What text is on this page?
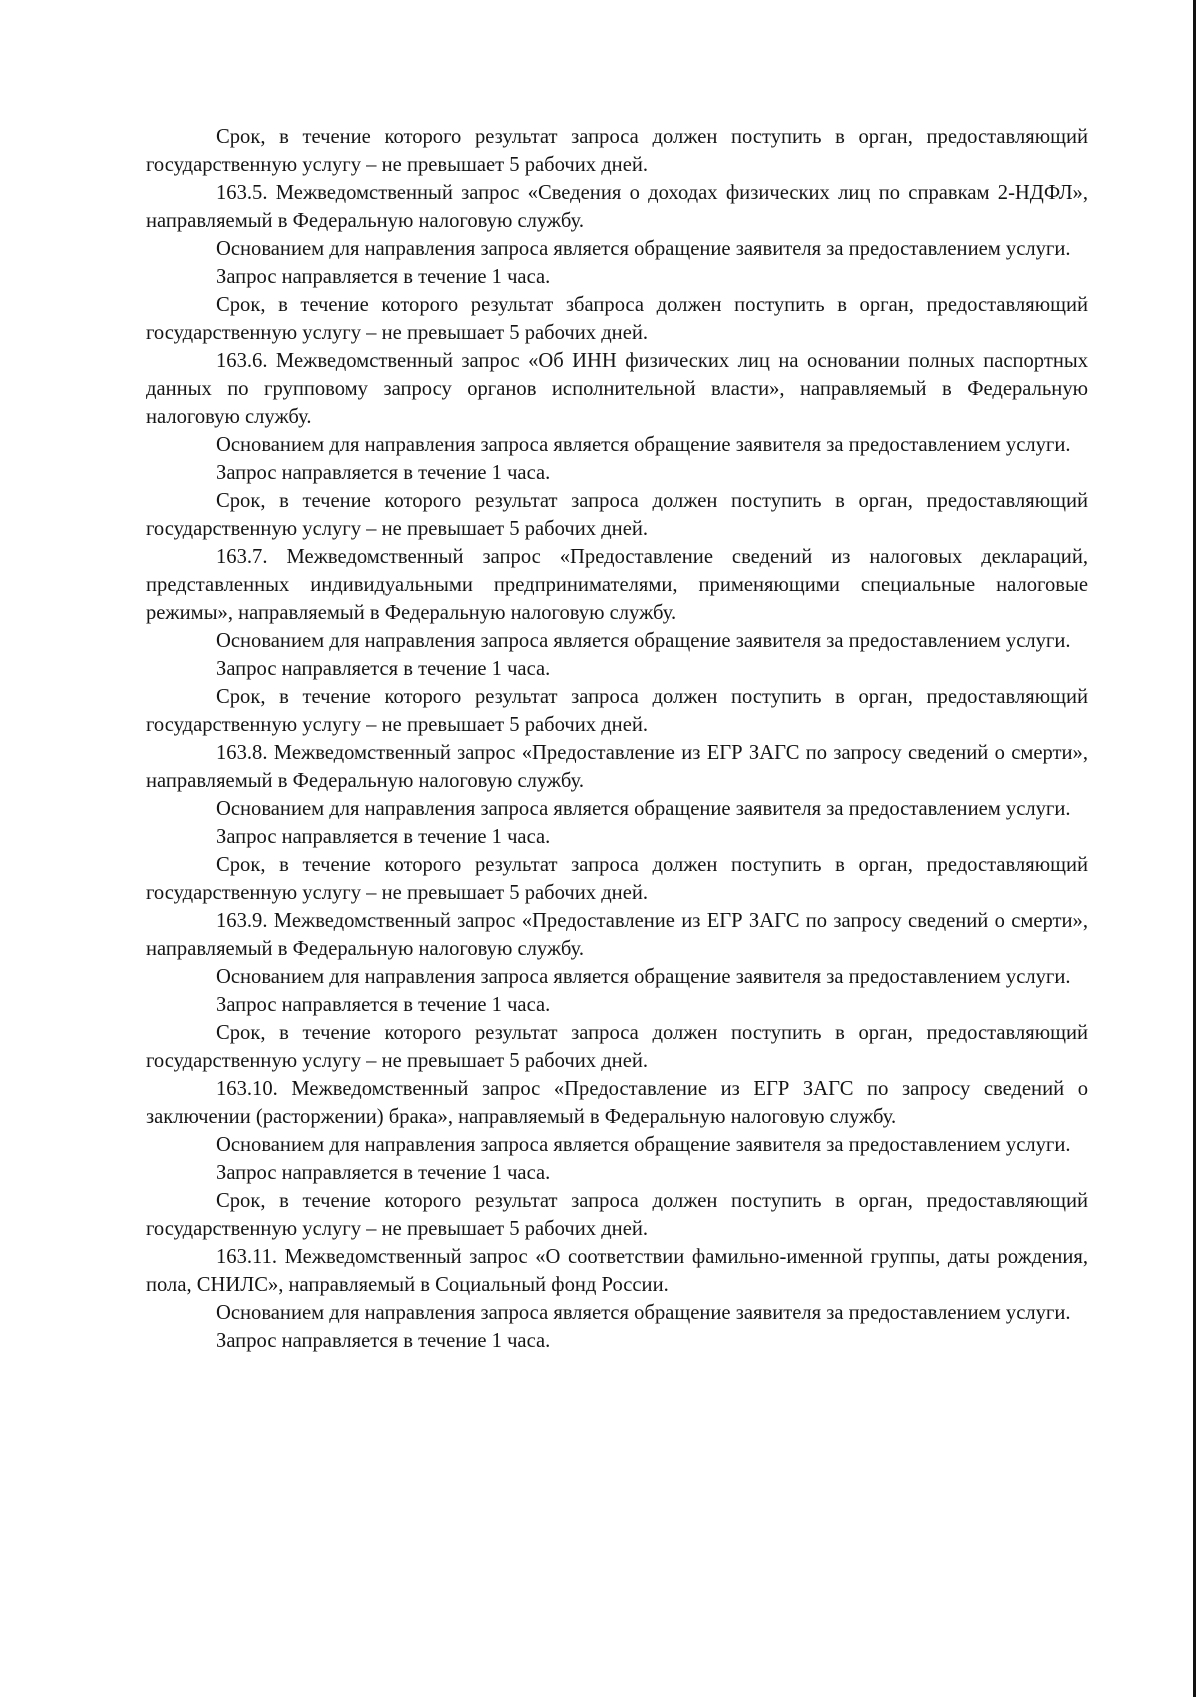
Срок, в течение которого результат запроса должен поступить в орган, предоставляющий государственную услугу – не превышает 5 рабочих дней.

163.5. Межведомственный запрос «Сведения о доходах физических лиц по справкам 2-НДФЛ», направляемый в Федеральную налоговую службу.

Основанием для направления запроса является обращение заявителя за предоставлением услуги.

Запрос направляется в течение 1 часа.

Срок, в течение которого результат збапроса должен поступить в орган, предоставляющий государственную услугу – не превышает 5 рабочих дней.

163.6. Межведомственный запрос «Об ИНН физических лиц на основании полных паспортных данных по групповому запросу органов исполнительной власти», направляемый в Федеральную налоговую службу.

Основанием для направления запроса является обращение заявителя за предоставлением услуги.

Запрос направляется в течение 1 часа.

Срок, в течение которого результат запроса должен поступить в орган, предоставляющий государственную услугу – не превышает 5 рабочих дней.

163.7. Межведомственный запрос «Предоставление сведений из налоговых деклараций, представленных индивидуальными предпринимателями, применяющими специальные налоговые режимы», направляемый в Федеральную налоговую службу.

Основанием для направления запроса является обращение заявителя за предоставлением услуги.

Запрос направляется в течение 1 часа.

Срок, в течение которого результат запроса должен поступить в орган, предоставляющий государственную услугу – не превышает 5 рабочих дней.

163.8. Межведомственный запрос «Предоставление из ЕГР ЗАГС по запросу сведений о смерти», направляемый в Федеральную налоговую службу.

Основанием для направления запроса является обращение заявителя за предоставлением услуги.

Запрос направляется в течение 1 часа.

Срок, в течение которого результат запроса должен поступить в орган, предоставляющий государственную услугу – не превышает 5 рабочих дней.

163.9. Межведомственный запрос «Предоставление из ЕГР ЗАГС по запросу сведений о смерти», направляемый в Федеральную налоговую службу.

Основанием для направления запроса является обращение заявителя за предоставлением услуги.

Запрос направляется в течение 1 часа.

Срок, в течение которого результат запроса должен поступить в орган, предоставляющий государственную услугу – не превышает 5 рабочих дней.

163.10. Межведомственный запрос «Предоставление из ЕГР ЗАГС по запросу сведений о заключении (расторжении) брака», направляемый в Федеральную налоговую службу.

Основанием для направления запроса является обращение заявителя за предоставлением услуги.

Запрос направляется в течение 1 часа.

Срок, в течение которого результат запроса должен поступить в орган, предоставляющий государственную услугу – не превышает 5 рабочих дней.

163.11. Межведомственный запрос «О соответствии фамильно-именной группы, даты рождения, пола, СНИЛС», направляемый в Социальный фонд России.

Основанием для направления запроса является обращение заявителя за предоставлением услуги.

Запрос направляется в течение 1 часа.
